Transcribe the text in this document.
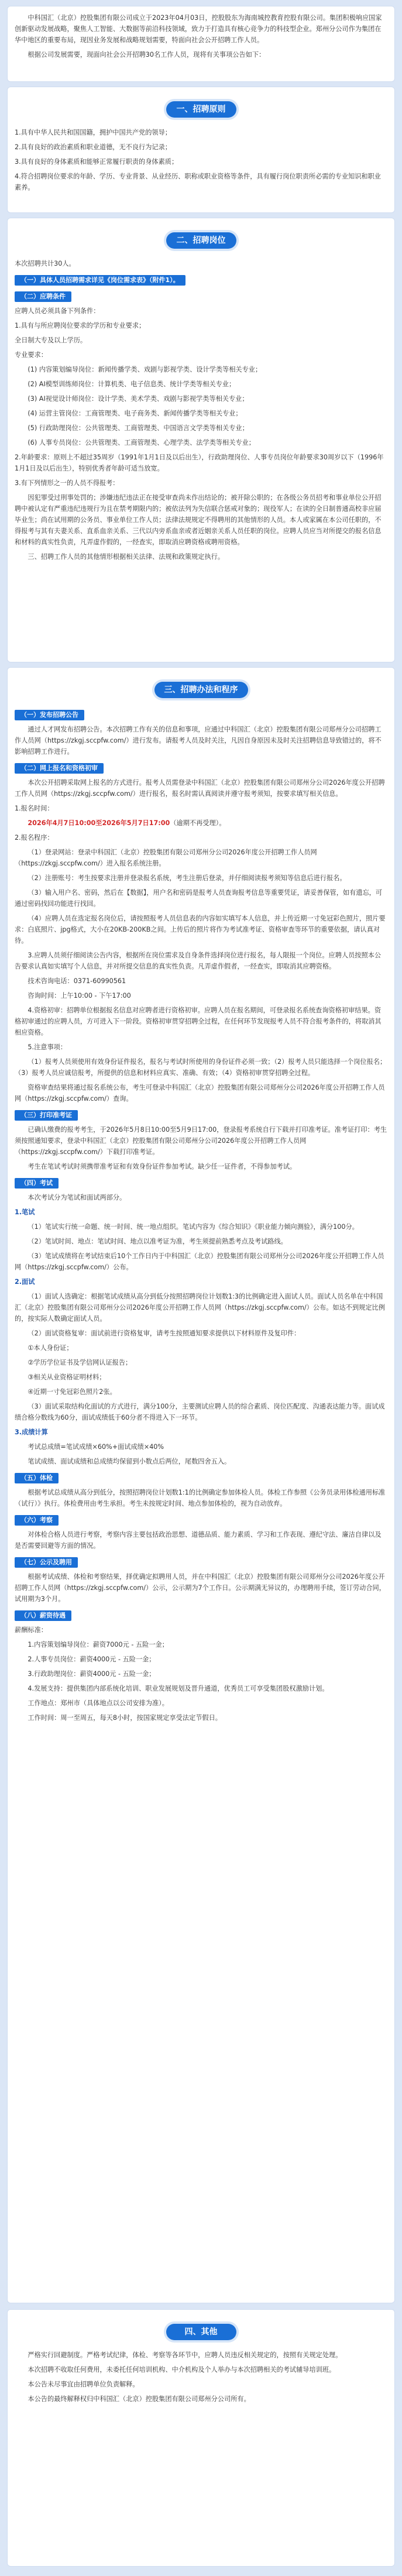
中科国汇（北京）控股集团有限公司成立于2023年04月03日，控股股东为海南城控教育控股有限公司。集团积极响应国家创新驱动发展战略，聚焦人工智能、大数据等前沿科技领域，致力于打造具有核心竞争力的科技型企业。郑州分公司作为集团在华中地区的重要布局，现因业务发展和战略规划需要，特面向社会公开招聘工作人员。

根据公司发展需要，现面向社会公开招聘30名工作人员，现将有关事项公告如下：

一、招聘原则

1.具有中华人民共和国国籍，拥护中国共产党的领导；

2.具有良好的政治素质和职业道德，无不良行为记录；

3.具有良好的身体素质和能够正常履行职责的身体素质；

4.符合招聘岗位要求的年龄、学历、专业背景、从业经历、职称或职业资格等条件，具有履行岗位职责所必需的专业知识和职业素养。

二、招聘岗位

本次招聘共计30人。

（一）具体人员招聘需求详见《岗位需求表》（附件1）。
（二）应聘条件

应聘人员必须具备下列条件：

1.具有与所应聘岗位要求的学历和专业要求；

全日制大专及以上学历。

专业要求：

(1) 内容策划编导岗位：新闻传播学类、戏剧与影视学类、设计学类等相关专业；

(2) AI模型训练师岗位：计算机类、电子信息类、统计学类等相关专业；

(3) AI视觉设计师岗位：设计学类、美术学类、戏剧与影视学类等相关专业；

(4) 运营主管岗位：工商管理类、电子商务类、新闻传播学类等相关专业；

(5) 行政助理岗位：公共管理类、工商管理类、中国语言文学类等相关专业；

(6) 人事专员岗位：公共管理类、工商管理类、心理学类、法学类等相关专业；

2.年龄要求：原则上不超过35周岁（1991年1月1日及以后出生），行政助理岗位、人事专员岗位年龄要求30周岁以下（1996年1月1日及以后出生），特别优秀者年龄可适当放宽。

3.有下列情形之一的人员不得报考：

因犯罪受过刑事处罚的；涉嫌违纪违法正在接受审查尚未作出结论的；被开除公职的；在各级公务员招考和事业单位公开招聘中被认定有严重违纪违规行为且在禁考期限内的；被依法列为失信联合惩戒对象的；现役军人；在读的全日制普通高校非应届毕业生；尚在试用期的公务员、事业单位工作人员；法律法规规定不得聘用的其他情形的人员。本人或家属在本公司任职的，不得报考与其有夫妻关系、直系血亲关系、三代以内旁系血亲或者近姻亲关系人员任职的岗位。应聘人员应当对所提交的报名信息和材料的真实性负责，凡弄虚作假的，一经查实，即取消应聘资格或聘用资格。

三、招聘工作人员的其他情形根据相关法律、法规和政策规定执行。

三、招聘办法和程序
（一）发布招聘公告

通过人才网发布招聘公告。本次招聘工作有关的信息和事项，应通过中科国汇（北京）控股集团有限公司郑州分公司招聘工作人员网（https://zkgj.sccpfw.com/）进行发布。请报考人员及时关注，凡因自身原因未及时关注招聘信息导致错过的，将不影响招聘工作进行。

（二）网上报名和资格初审

本次公开招聘采取网上报名的方式进行。报考人员需登录中科国汇（北京）控股集团有限公司郑州分公司2026年度公开招聘工作人员网（https://zkgj.sccpfw.com/）进行报名，报名时需认真阅读并遵守报考须知，按要求填写相关信息。

1.报名时间：

2026年4月7日10:00至2026年5月7日17:00（逾期不再受理）。

2.报名程序：

（1）登录网站：登录中科国汇（北京）控股集团有限公司郑州分公司2026年度公开招聘工作人员网（https://zkgj.sccpfw.com/）进入报名系统注册。

（2）注册账号：考生按要求注册并登录报名系统，考生注册后登录，并仔细阅读报考须知等信息后进行报名。

（3）输入用户名、密码，然后在【数据】，用户名和密码是报考人员查询报考信息等重要凭证，请妥善保管，如有遗忘，可通过密码找回功能进行找回。

（4）应聘人员在选定报名岗位后，请按照报考人员信息表的内容如实填写本人信息，并上传近期一寸免冠彩色照片，照片要求：白底照片、jpg格式，大小在20KB-200KB之间。上传后的照片将作为考试准考证、资格审查等环节的重要依据，请认真对待。

3.应聘人员须仔细阅读公告内容，根据所在岗位需求及自身条件选择岗位进行报名，每人限报一个岗位。应聘人员按照本公告要求认真如实填写个人信息，并对所提交信息的真实性负责。凡弄虚作假者，一经查实，即取消其应聘资格。

技术咨询电话：0371-60990561

咨询时间：上午10:00 - 下午17:00

4.资格初审：招聘单位根据报名信息对应聘者进行资格初审。应聘人员在报名期间，可登录报名系统查询资格初审结果。资格初审通过的应聘人员，方可进入下一阶段。资格初审贯穿招聘全过程，在任何环节发现报考人员不符合报考条件的，将取消其相应资格。

5.注意事项：

（1）报考人员须使用有效身份证件报名，报名与考试时所使用的身份证件必须一致；（2）报考人员只能选择一个岗位报名；（3）报考人员应诚信报考，所提供的信息和材料应真实、准确、有效；（4）资格初审贯穿招聘全过程。

资格审查结果将通过报名系统公布，考生可登录中科国汇（北京）控股集团有限公司郑州分公司2026年度公开招聘工作人员网（https://zkgj.sccpfw.com/）查询。

（三）打印准考证

已确认缴费的报考考生，于2026年5月8日10:00至5月9日17:00，登录报考系统自行下载并打印准考证。准考证打印：考生须按照通知要求，登录中科国汇（北京）控股集团有限公司郑州分公司2026年度公开招聘工作人员网（https://zkgj.sccpfw.com/）下载打印准考证。

考生在笔试考试时须携带准考证和有效身份证件参加考试。缺少任一证件者，不得参加考试。

（四）考试

本次考试分为笔试和面试两部分。

1.笔试

（1）笔试实行统一命题、统一时间、统一地点组织。笔试内容为《综合知识》《职业能力倾向测验》，满分100分。

（2）笔试时间、地点：笔试时间、地点以准考证为准，考生须提前熟悉考点及考试路线。

（3）笔试成绩将在考试结束后10个工作日内于中科国汇（北京）控股集团有限公司郑州分公司2026年度公开招聘工作人员网（https://zkgj.sccpfw.com/）公布。

2.面试

（1）面试人选确定：根据笔试成绩从高分到低分按照招聘岗位计划数1:3的比例确定进入面试人员。面试人员名单在中科国汇（北京）控股集团有限公司郑州分公司2026年度公开招聘工作人员网（https://zkgj.sccpfw.com/）公布。如达不到规定比例的，按实际人数确定面试人员。

（2）面试资格复审：面试前进行资格复审，请考生按照通知要求提供以下材料原件及复印件：

①本人身份证；

②学历学位证书及学信网认证报告；

③相关从业资格证明材料；

④近期一寸免冠彩色照片2张。

（3）面试采取结构化面试的方式进行，满分100分，主要测试应聘人员的综合素质、岗位匹配度、沟通表达能力等。面试成绩合格分数线为60分，面试成绩低于60分者不得进入下一环节。

3.成绩计算

考试总成绩=笔试成绩×60%+面试成绩×40%

笔试成绩、面试成绩和总成绩均保留到小数点后两位，尾数四舍五入。

（五）体检

根据考试总成绩从高分到低分，按照招聘岗位计划数1:1的比例确定参加体检人员。体检工作参照《公务员录用体检通用标准（试行）》执行。体检费用由考生承担。考生未按规定时间、地点参加体检的，视为自动放弃。

（六）考察

对体检合格人员进行考察，考察内容主要包括政治思想、道德品质、能力素质、学习和工作表现、遵纪守法、廉洁自律以及是否需要回避等方面的情况。

（七）公示及聘用

根据考试成绩、体检和考察结果，择优确定拟聘用人员，并在中科国汇（北京）控股集团有限公司郑州分公司2026年度公开招聘工作人员网（https://zkgj.sccpfw.com/）公示，公示期为7个工作日。公示期满无异议的，办理聘用手续，签订劳动合同，试用期为3个月。

（八）薪资待遇

薪酬标准：

1.内容策划编导岗位：薪资7000元 - 五险一金；

2.人事专员岗位：薪资4000元 - 五险一金；

3.行政助理岗位：薪资4000元 - 五险一金；

4.发展支持：提供集团内部系统化培训、职业发展规划及晋升通道，优秀员工可享受集团股权激励计划。

工作地点：郑州市（具体地点以公司安排为准）。

工作时间：周一至周五，每天8小时，按国家规定享受法定节假日。

四、其他

严格实行回避制度。严格考试纪律，体检、考察等各环节中，应聘人员违反相关规定的，按照有关规定处理。

本次招聘不收取任何费用，未委托任何培训机构、中介机构及个人举办与本次招聘相关的考试辅导培训班。

本公告未尽事宜由招聘单位负责解释。

本公告的最终解释权归中科国汇（北京）控股集团有限公司郑州分公司所有。
